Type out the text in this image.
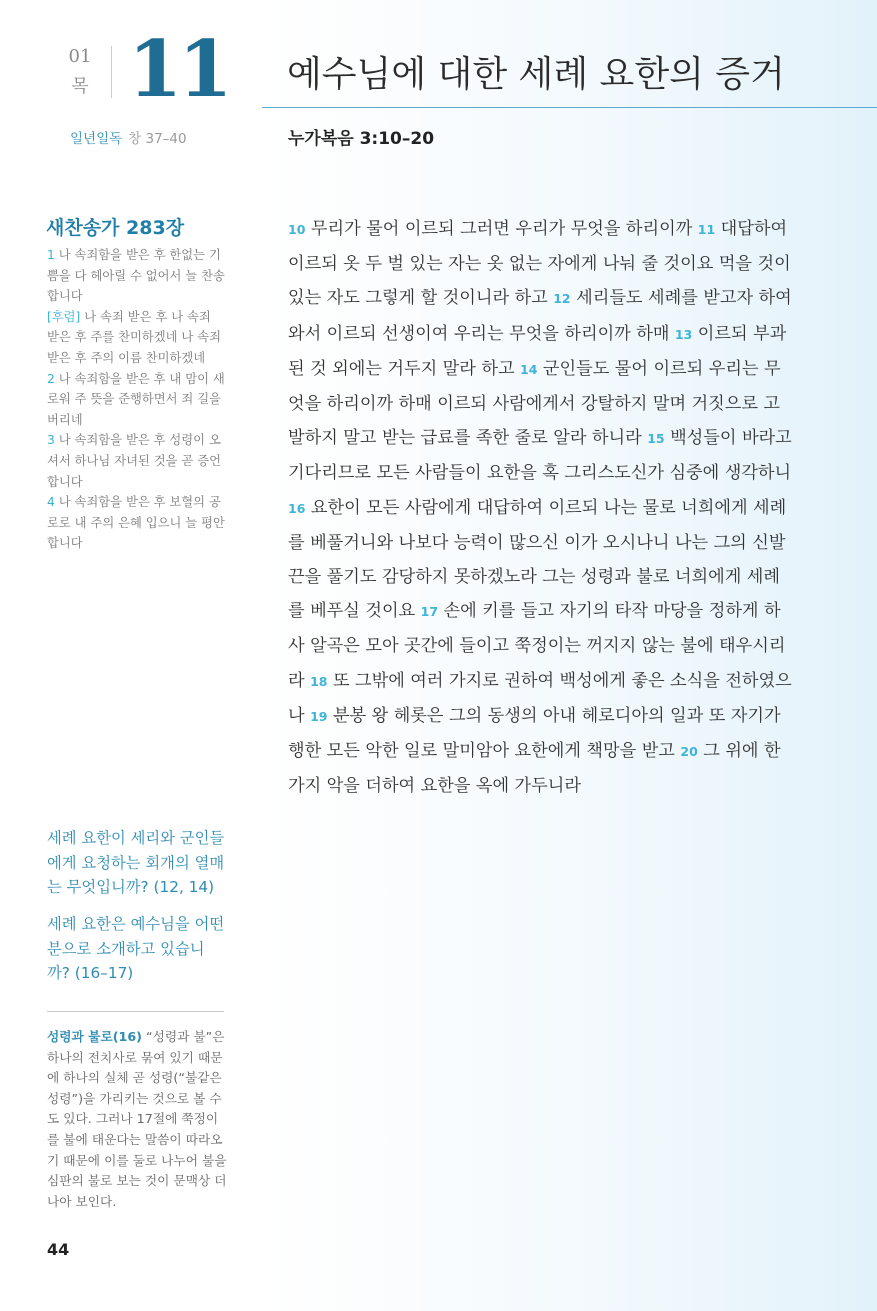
01
목 11 예수님에 대한 세례 요한의 증거
일년일독 창 37–40	누가복음 3:10–20
새찬송가 283장

1 나 속죄함을 받은 후 한없는 기쁨을 다 헤아릴 수 없어서 늘 찬송합니다

[후렴] 나 속죄 받은 후 나 속죄 받은 후 주를 찬미하겠네 나 속죄 받은 후 주의 이름 찬미하겠네

2 나 속죄함을 받은 후 내 맘이 새로워 주 뜻을 준행하면서 죄 길을 버리네

3 나 속죄함을 받은 후 성령이 오셔서 하나님 자녀된 것을 곧 증언합니다

4 나 속죄함을 받은 후 보혈의 공로로 내 주의 은혜 입으니 늘 평안합니다

10 무리가 물어 이르되 그러면 우리가 무엇을 하리이까 11 대답하여 이르되 옷 두 벌 있는 자는 옷 없는 자에게 나눠 줄 것이요 먹을 것이 있는 자도 그렇게 할 것이니라 하고 12 세리들도 세례를 받고자 하여 와서 이르되 선생이여 우리는 무엇을 하리이까 하매 13 이르되 부과된 것 외에는 거두지 말라 하고 14 군인들도 물어 이르되 우리는 무엇을 하리이까 하매 이르되 사람에게서 강탈하지 말며 거짓으로 고발하지 말고 받는 급료를 족한 줄로 알라 하니라 15 백성들이 바라고 기다리므로 모든 사람들이 요한을 혹 그리스도신가 심중에 생각하니 16 요한이 모든 사람에게 대답하여 이르되 나는 물로 너희에게 세례를 베풀거니와 나보다 능력이 많으신 이가 오시나니 나는 그의 신발끈을 풀기도 감당하지 못하겠노라 그는 성령과 불로 너희에게 세례를 베푸실 것이요 17 손에 키를 들고 자기의 타작 마당을 정하게 하사 알곡은 모아 곳간에 들이고 쭉정이는 꺼지지 않는 불에 태우시리라 18 또 그밖에 여러 가지로 권하여 백성에게 좋은 소식을 전하였으나 19 분봉 왕 헤롯은 그의 동생의 아내 헤로디아의 일과 또 자기가 행한 모든 악한 일로 말미암아 요한에게 책망을 받고 20 그 위에 한 가지 악을 더하여 요한을 옥에 가두니라
세례 요한이 세리와 군인들에게 요청하는 회개의 열매는 무엇입니까? (12, 14)
세례 요한은 예수님을 어떤 분으로 소개하고 있습니까? (16–17)
성령과 불로(16) “성령과 불”은 하나의 전치사로 묶여 있기 때문에 하나의 실체 곧 성령(“불같은 성령”)을 가리키는 것으로 볼 수도 있다. 그러나 17절에 쭉정이를 불에 태운다는 말씀이 따라오기 때문에 이를 둘로 나누어 불을 심판의 불로 보는 것이 문맥상 더 나아 보인다.
44
